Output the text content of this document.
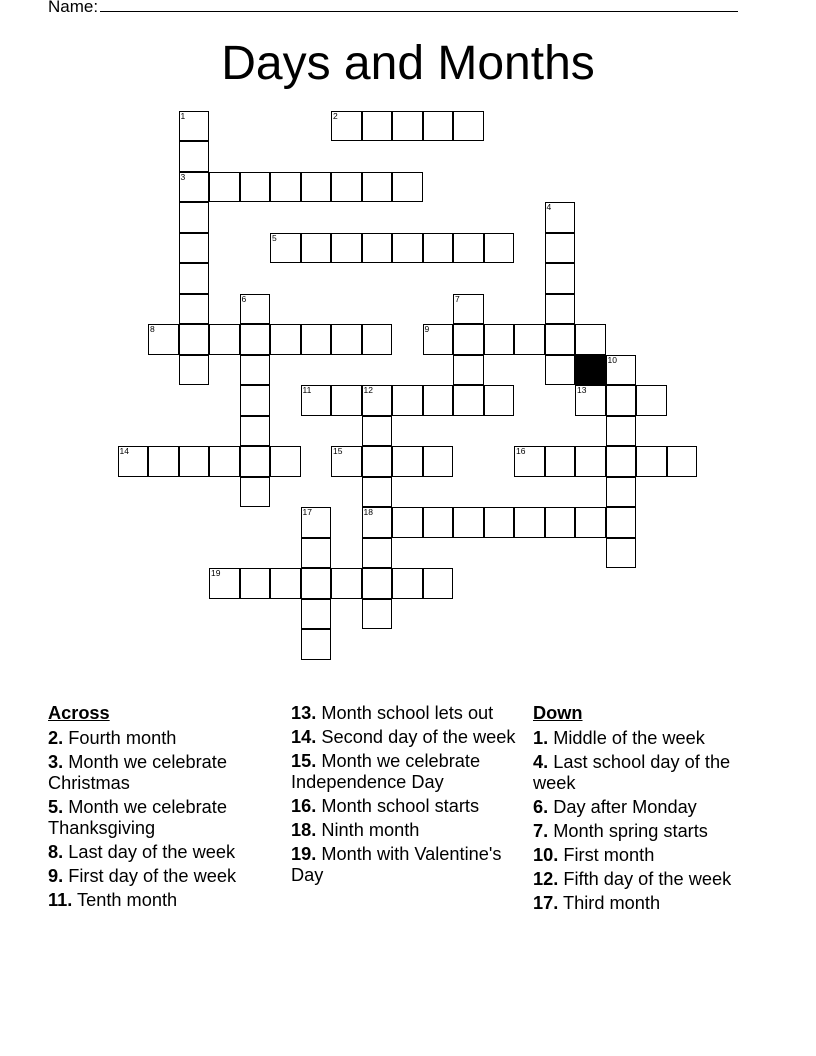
Name:
Days and Months
1
3
2
4
5
6	7
8	9
10
11	12
18
13
14	15	16
17
19
Across
2. Fourth month
3. Month we celebrate Christmas
5. Month we celebrate Thanksgiving
8. Last day of the week
9. First day of the week
11. Tenth month
13. Month school lets out
14. Second day of the week
15. Month we celebrate Independence Day
16. Month school starts
18. Ninth month
19. Month with Valentine's Day
Down
1. Middle of the week
4. Last school day of the week
6. Day after Monday
7. Month spring starts
10. First month
12. Fifth day of the week
17. Third month
